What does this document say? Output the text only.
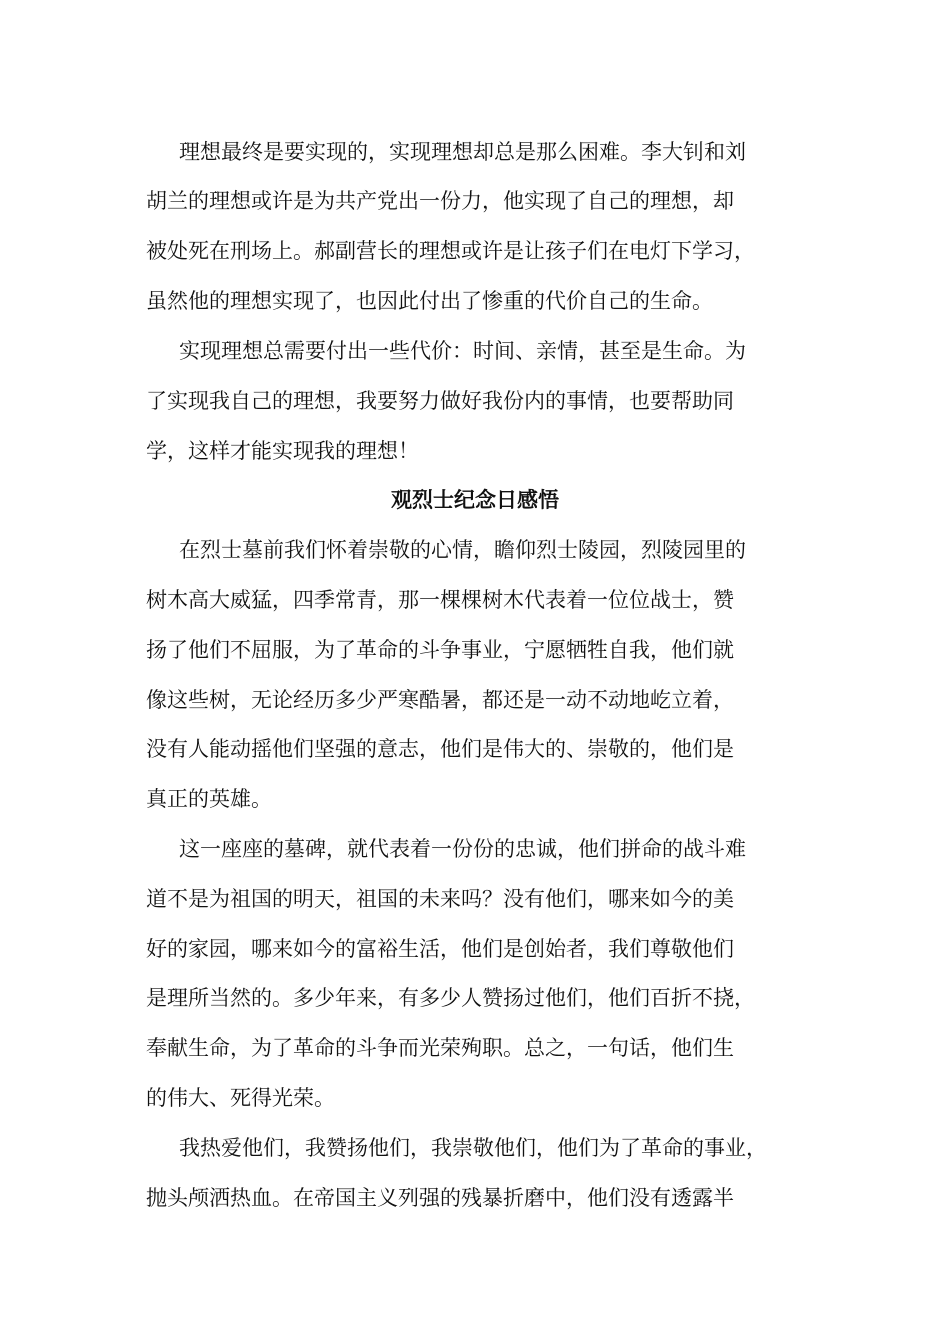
理想最终是要实现的，实现理想却总是那么困难。李大钊和刘
胡兰的理想或许是为共产党出一份力，他实现了自己的理想，却
被处死在刑场上。郝副营长的理想或许是让孩子们在电灯下学习，
虽然他的理想实现了，也因此付出了惨重的代价自己的生命。
实现理想总需要付出一些代价：时间、亲情，甚至是生命。为
了实现我自己的理想，我要努力做好我份内的事情，也要帮助同
学，这样才能实现我的理想！
观烈士纪念日感悟
在烈士墓前我们怀着崇敬的心情，瞻仰烈士陵园，烈陵园里的
树木高大威猛，四季常青，那一棵棵树木代表着一位位战士，赞
扬了他们不屈服，为了革命的斗争事业，宁愿牺牲自我，他们就
像这些树，无论经历多少严寒酷暑，都还是一动不动地屹立着，
没有人能动摇他们坚强的意志，他们是伟大的、崇敬的，他们是
真正的英雄。
这一座座的墓碑，就代表着一份份的忠诚，他们拼命的战斗难
道不是为祖国的明天，祖国的未来吗？没有他们，哪来如今的美
好的家园，哪来如今的富裕生活，他们是创始者，我们尊敬他们
是理所当然的。多少年来，有多少人赞扬过他们，他们百折不挠，
奉献生命，为了革命的斗争而光荣殉职。总之，一句话，他们生
的伟大、死得光荣。
我热爱他们，我赞扬他们，我崇敬他们，他们为了革命的事业，
抛头颅洒热血。在帝国主义列强的残暴折磨中，他们没有透露半
